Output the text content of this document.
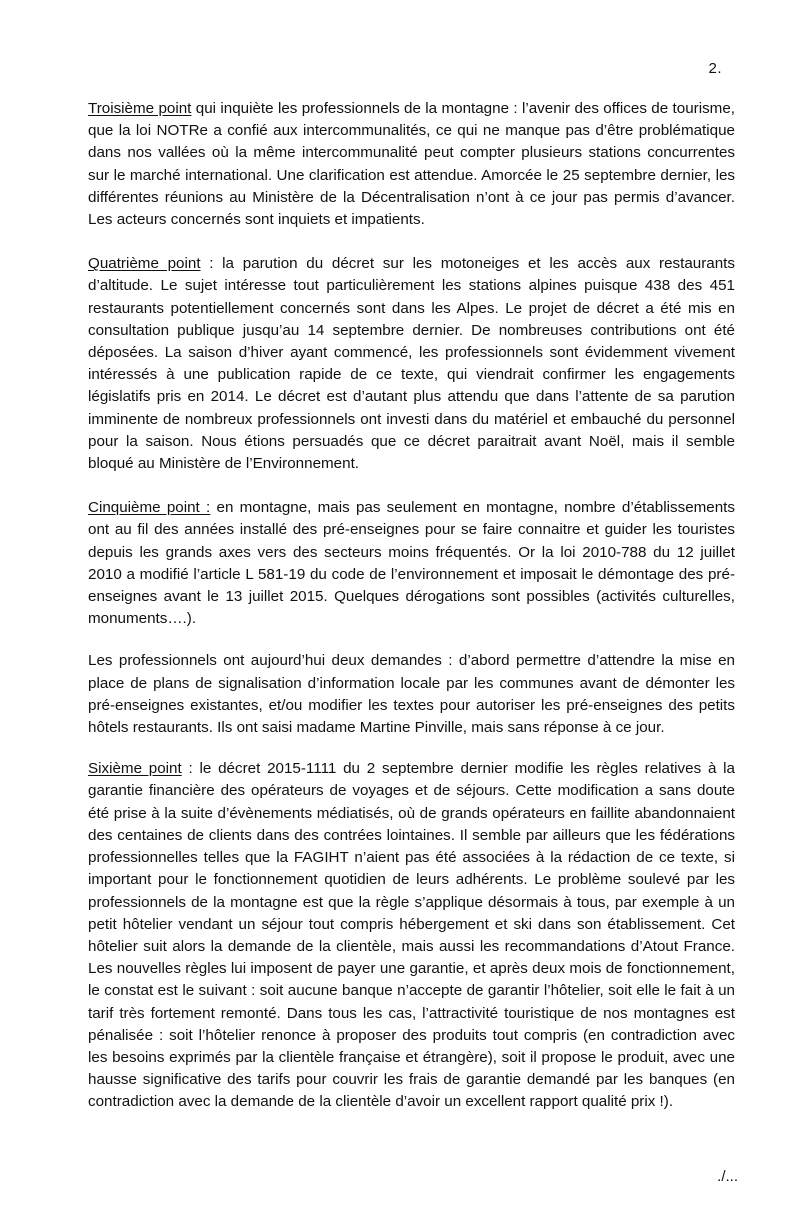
2.

Troisième point qui inquiète les professionnels de la montagne : l’avenir des offices de tourisme, que la loi NOTRe a confié aux intercommunalités, ce qui ne manque pas d’être problématique dans nos vallées où la même intercommunalité peut compter plusieurs stations concurrentes sur le marché international. Une clarification est attendue. Amorcée le 25 septembre dernier, les différentes réunions au Ministère de la Décentralisation n’ont à ce jour pas permis d’avancer. Les acteurs concernés sont inquiets et impatients.

Quatrième point : la parution du décret sur les motoneiges et les accès aux restaurants d’altitude. Le sujet intéresse tout particulièrement les stations alpines puisque 438 des 451 restaurants potentiellement concernés sont dans les Alpes. Le projet de décret a été mis en consultation publique jusqu’au 14 septembre dernier. De nombreuses contributions ont été déposées. La saison d’hiver ayant commencé, les professionnels sont évidemment vivement intéressés à une publication rapide de ce texte, qui viendrait confirmer les engagements législatifs pris en 2014. Le décret est d’autant plus attendu que dans l’attente de sa parution imminente de nombreux professionnels ont investi dans du matériel et embauché du personnel pour la saison. Nous étions persuadés que ce décret paraitrait avant Noël, mais il semble bloqué au Ministère de l’Environnement.

Cinquième point : en montagne, mais pas seulement en montagne, nombre d’établissements ont au fil des années installé des pré-enseignes pour se faire connaitre et guider les touristes depuis les grands axes vers des secteurs moins fréquentés. Or la loi 2010-788 du 12 juillet 2010 a modifié l’article L 581-19 du code de l’environnement et imposait le démontage des pré-enseignes avant le 13 juillet 2015. Quelques dérogations sont possibles (activités culturelles, monuments….).

Les professionnels ont aujourd’hui deux demandes : d’abord permettre d’attendre la mise en place de plans de signalisation d’information locale par les communes avant de démonter les pré-enseignes existantes, et/ou modifier les textes pour autoriser les pré-enseignes des petits hôtels restaurants. Ils ont saisi madame Martine Pinville, mais sans réponse à ce jour.

Sixième point : le décret 2015-1111 du 2 septembre dernier modifie les règles relatives à la garantie financière des opérateurs de voyages et de séjours. Cette modification a sans doute été prise à la suite d’évènements médiatisés, où de grands opérateurs en faillite abandonnaient des centaines de clients dans des contrées lointaines. Il semble par ailleurs que les fédérations professionnelles telles que la FAGIHT n’aient pas été associées à la rédaction de ce texte, si important pour le fonctionnement quotidien de leurs adhérents. Le problème soulevé par les professionnels de la montagne est que la règle s’applique désormais à tous, par exemple à un petit hôtelier vendant un séjour tout compris hébergement et ski dans son établissement. Cet hôtelier suit alors la demande de la clientèle, mais aussi les recommandations d’Atout France. Les nouvelles règles lui imposent de payer une garantie, et après deux mois de fonctionnement, le constat est le suivant : soit aucune banque n’accepte de garantir l’hôtelier, soit elle le fait à un tarif très fortement remonté. Dans tous les cas, l’attractivité touristique de nos montagnes est pénalisée : soit l’hôtelier renonce à proposer des produits tout compris (en contradiction avec les besoins exprimés par la clientèle française et étrangère), soit il propose le produit, avec une hausse significative des tarifs pour couvrir les frais de garantie demandé par les banques (en contradiction avec la demande de la clientèle d’avoir un excellent rapport qualité prix !).

./...
